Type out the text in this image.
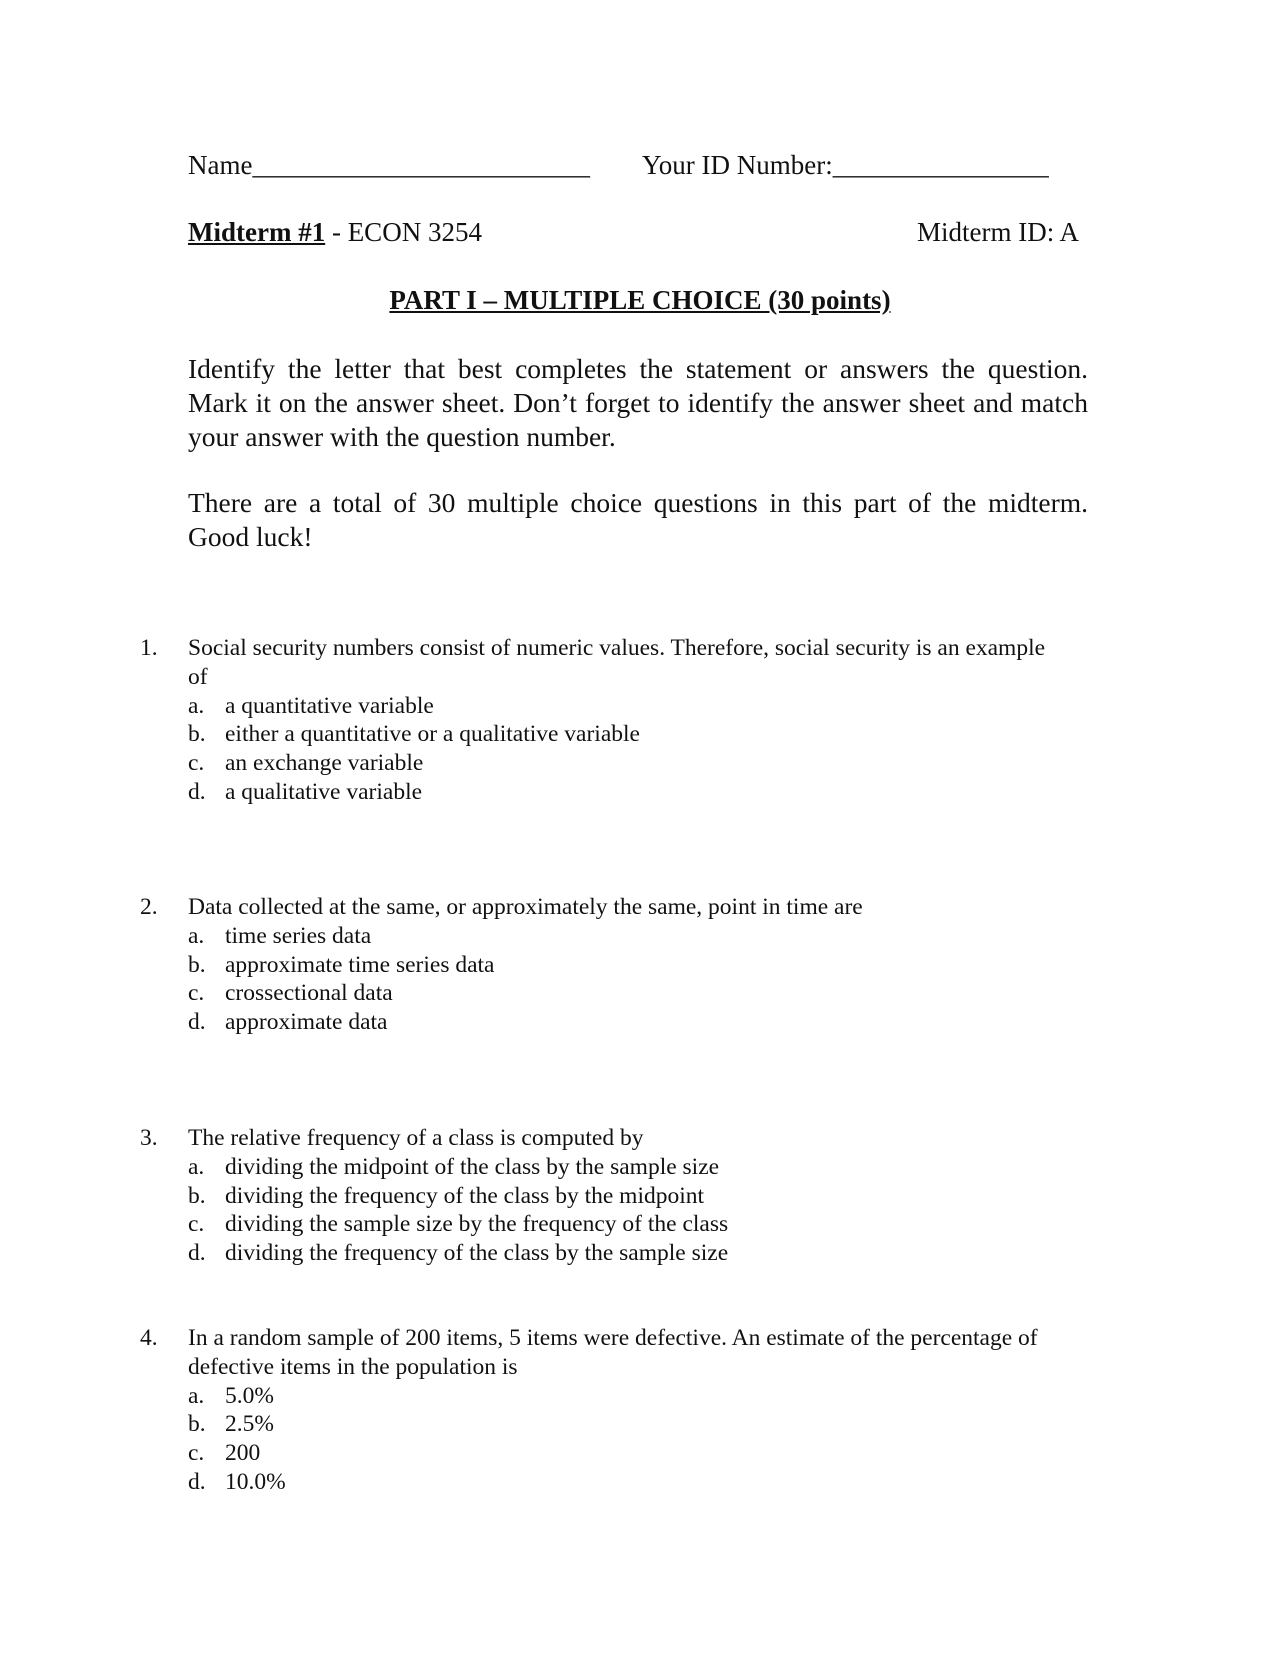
Name_________________________ Your ID Number:________________
Midterm #1 - ECON 3254	Midterm ID: A
PART I – MULTIPLE CHOICE (30 points)
Identify the letter that best completes the statement or answers the question. Mark it on the answer sheet. Don’t forget to identify the answer sheet and match your answer with the question number.
There are a total of 30 multiple choice questions in this part of the midterm. Good luck!
1.	Social security numbers consist of numeric values. Therefore, social security is an example of
a. a quantitative variable
b. either a quantitative or a qualitative variable
c. an exchange variable
d. a qualitative variable
2.	Data collected at the same, or approximately the same, point in time are
a. time series data
b. approximate time series data
c. crossectional data
d. approximate data
3.	The relative frequency of a class is computed by
a. dividing the midpoint of the class by the sample size
b. dividing the frequency of the class by the midpoint
c. dividing the sample size by the frequency of the class
d. dividing the frequency of the class by the sample size
4.	In a random sample of 200 items, 5 items were defective. An estimate of the percentage of defective items in the population is
a. 5.0%
b. 2.5%
c. 200
d. 10.0%
